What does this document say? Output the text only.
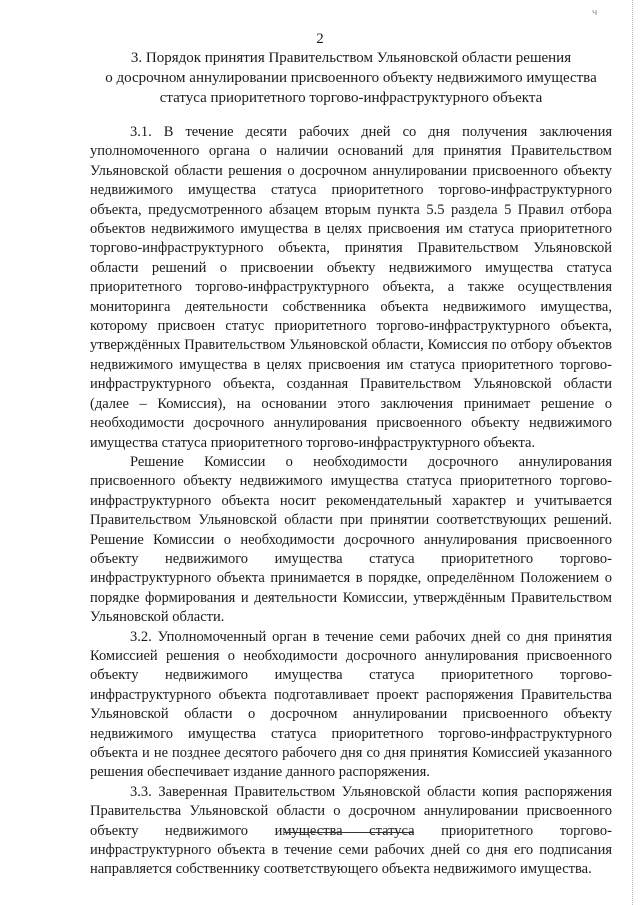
ч
2
3. Порядок принятия Правительством Ульяновской области решения
о досрочном аннулировании присвоенного объекту недвижимого имущества
статуса приоритетного торгово-инфраструктурного объекта

3.1. В течение десяти рабочих дней со дня получения заключения уполномоченного органа о наличии оснований для принятия Правительством Ульяновской области решения о досрочном аннулировании присвоенного объекту недвижимого имущества статуса приоритетного торгово-инфраструктурного объекта, предусмотренного абзацем вторым пункта 5.5 раздела 5 Правил отбора объектов недвижимого имущества в целях присвоения им статуса приоритетного торгово-инфраструктурного объекта, принятия Правительством Ульяновской области решений о присвоении объекту недвижимого имущества статуса приоритетного торгово-инфраструктурного объекта, а также осуществления мониторинга деятельности собственника объекта недвижимого имущества, которому присвоен статус приоритетного торгово-инфраструктурного объекта, утверждённых Правительством Ульяновской области, Комиссия по отбору объектов недвижимого имущества в целях присвоения им статуса приоритетного торгово-инфраструктурного объекта, созданная Правительством Ульяновской области (далее – Комиссия), на основании этого заключения принимает решение о необходимости досрочного аннулирования присвоенного объекту недвижимого имущества статуса приоритетного торгово-инфраструктурного объекта.

Решение Комиссии о необходимости досрочного аннулирования присвоенного объекту недвижимого имущества статуса приоритетного торгово-инфраструктурного объекта носит рекомендательный характер и учитывается Правительством Ульяновской области при принятии соответствующих решений. Решение Комиссии о необходимости досрочного аннулирования присвоенного объекту недвижимого имущества статуса приоритетного торгово-инфраструктурного объекта принимается в порядке, определённом Положением о порядке формирования и деятельности Комиссии, утверждённым Правительством Ульяновской области.

3.2. Уполномоченный орган в течение семи рабочих дней со дня принятия Комиссией решения о необходимости досрочного аннулирования присвоенного объекту недвижимого имущества статуса приоритетного торгово-инфраструктурного объекта подготавливает проект распоряжения Правительства Ульяновской области о досрочном аннулировании присвоенного объекту недвижимого имущества статуса приоритетного торгово-инфраструктурного объекта и не позднее десятого рабочего дня со дня принятия Комиссией указанного решения обеспечивает издание данного распоряжения.

3.3. Заверенная Правительством Ульяновской области копия распоряжения Правительства Ульяновской области о досрочном аннулировании присвоенного объекту недвижимого имущества статуса приоритетного торгово-инфраструктурного объекта в течение семи рабочих дней со дня его подписания направляется собственнику соответствующего объекта недвижимого имущества.
